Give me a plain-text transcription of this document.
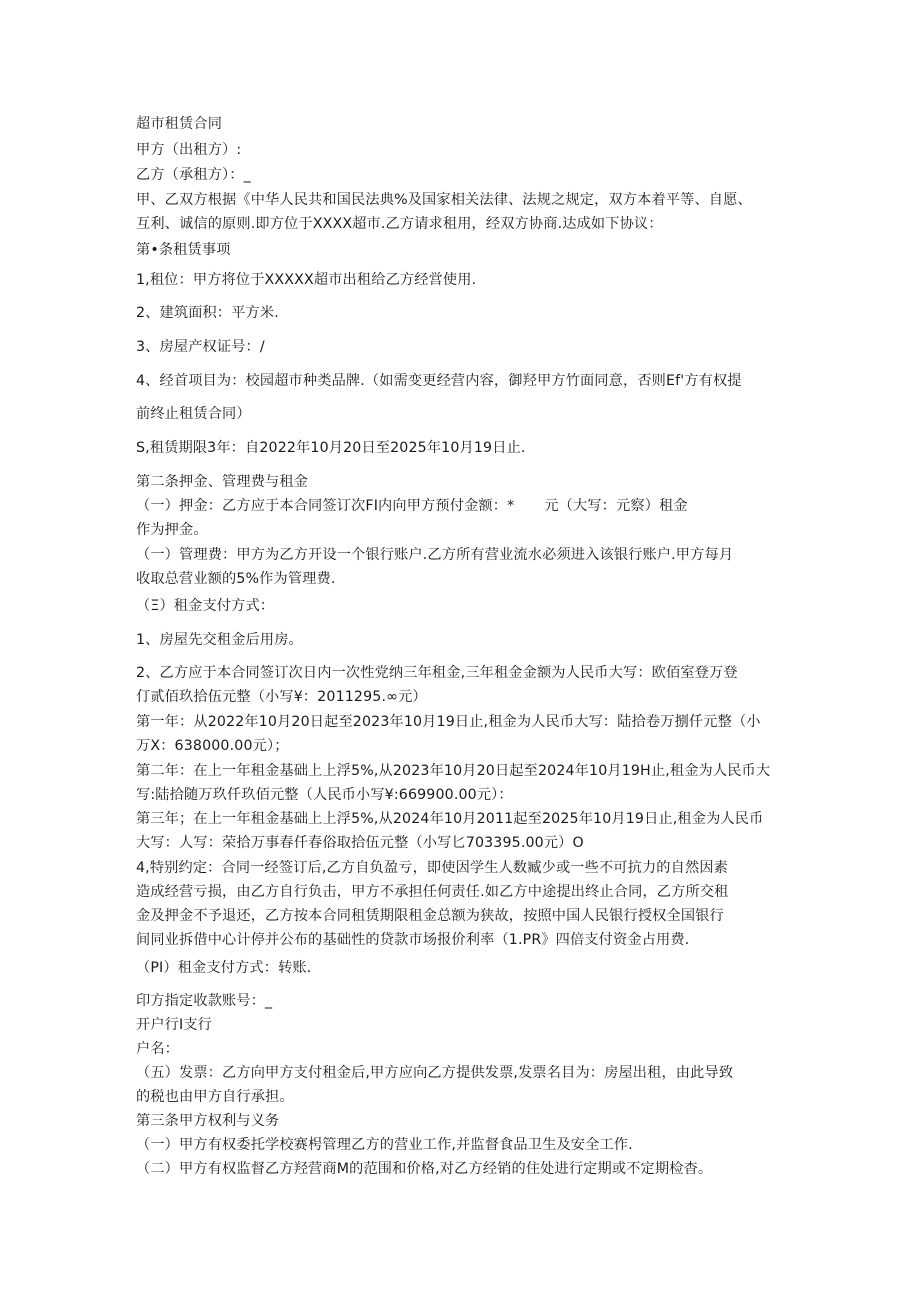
超市租赁合同
甲方（出租方）:
乙方（承租方）：_
甲、乙双方根据《中华人民共和国民法典%及国家相关法律、法规之规定，双方本着平等、自愿、
互利、诚信的原则.即方位于XXXX超市.乙方请求租用，经双方协商.达成如下协议：
第•条租赁事项
1,租位：甲方将位于XXXXX超市出租给乙方经営使用.
2、建筑面积：平方米.
3、房屋产权证号：/
4、经首项目为：校园超市种类品牌.（如需变更经营内容，御羟甲方竹面同意，否则Ef'方有权提
前终止租赁合同）
S,租赁期限3年：自2022年10月20日至2025年10月19日止.
第二条押金、管理费与租金
（一）押金：乙方应于本合同签订次FI内向甲方预付金额：* 元（大写：元察）租金
作为押金。
（一）管理费：甲方为乙方开设一个银行账户.乙方所有营业流水必须进入该银行账户.甲方每月
收取总营业额的5%作为管理费.
（Ξ）租金支付方式：
1、房屋先交租金后用房。
2、乙方应于本合同签订次日内一次性党纳三年租金,三年租金金额为人民币大写：欧佰室登万登
仃贰佰玖拾伍元整（小写¥：2011295.∞元）
第一年：从2022年10月20日起至2023年10月19日止,租金为人民币大写：陆拾卷万捌仟元整（小
万X：638000.00元）；
第二年：在上一年租金基础上上浮5%,从2023年10月20日起至2024年10月19H止,租金为人民币大
写:陆拾随万玖仟玖佰元整（人民币小写¥:669900.00元）：
第三年；在上一年租金基础上上浮5%,从2024年10月2011起至2025年10月19日止,租金为人民币
大写：人写：荣拾万事春仟春俗取拾伍元整（小写匕703395.00元）O
4,特别约定：合同一经签订后,乙方自负盈亏，即使因学生人数臧少或一些不可抗力的自然因素
造成经营亏损，由乙方自行负击，甲方不承担任何责任.如乙方中途提出终止合同，乙方所交租
金及押金不予退还，乙方按本合同租赁期限租金总额为狭故，按照中国人民银行授权全国银行
间同业拆借中心计停并公布的基础性的贷款市场报价利率（1.PR》四倍支付资金占用费.
（PI）租金支付方式：转账.
印方指定收款账号：_
开户行I支行
户名：
（五）发票：乙方向甲方支付租金后,甲方应向乙方提供发票,发票名目为：房屋出租，由此导致
的税也由甲方自行承担。
第三条甲方权利与义务
（一）甲方有权委托学校赛枵管理乙方的营业工作,并监督食品卫生及安全工作.
（二）甲方有权监督乙方羟营商M的范围和价格,对乙方经销的住处进行定期或不定期检杳。
